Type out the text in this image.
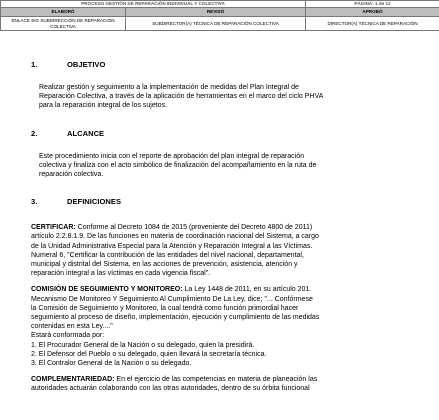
PROCESO GESTIÓN DE REPARACIÓN INDIVIDUAL Y COLECTIVA		PÁGINA: 1 de 12
ELABORÓ	REVISÓ	APROBÓ
ENLACE SIG SUBDIRECCIÓN DE REPARACIÓN COLECTIVA	SUBDIRECTOR(A) TÉCNICA DE REPARACIÓN COLECTIVA	DIRECTOR(A) TÉCNICA DE REPARACIÓN
1.	OBJETIVO

Realizar gestión y seguimiento a la implementación de medidas del Plan Integral de

Reparación Colectiva, a través de la aplicación de herramientas en el marco del ciclo PHVA

para la reparación integral de los sujetos.

2.	ALCANCE

Este procedimiento inicia con el reporte de aprobación del plan integral de reparación

colectiva y finaliza con el acto simbólico de finalización del acompañamiento en la ruta de

reparación colectiva.

3.	DEFINICIONES
CERTIFICAR: Conforme al Decreto 1084 de 2015 (proveniente del Decreto 4800 de 2011)
artículo 2.2.8.1.9. De las funciones en materia de coordinación nacional del Sistema, a cargo
de la Unidad Administrativa Especial para la Atención y Reparación Integral a las Víctimas.
Numeral 6, "Certificar la contribución de las entidades del nivel nacional, departamental,
municipal y distrital del Sistema, en las acciones de prevención, asistencia, atención y
reparación integral a las víctimas en cada vigencia fiscal".
COMISIÓN DE SEGUIMIENTO Y MONITOREO: La Ley 1448 de 2011, en su artículo 201.
Mecanismo De Monitoreo Y Seguimiento Al Cumplimiento De La Ley, dice; "... Confórmese
la Comisión de Seguimiento y Monitoreo, la cual tendrá como función primordial hacer
seguimiento al proceso de diseño, implementación, ejecución y cumplimiento de las medidas
contenidas en esta Ley...."
Estará conformada por:
1. El Procurador General de la Nación o su delegado, quien la presidirá.
2. El Defensor del Pueblo o su delegado, quien llevará la secretaría técnica.
3. El Contralor General de la Nación o su delegado.
COMPLEMENTARIEDAD: En el ejercicio de las competencias en materia de planeación las
autoridades actuarán colaborando con las otras autoridades, dentro de su órbita funcional
